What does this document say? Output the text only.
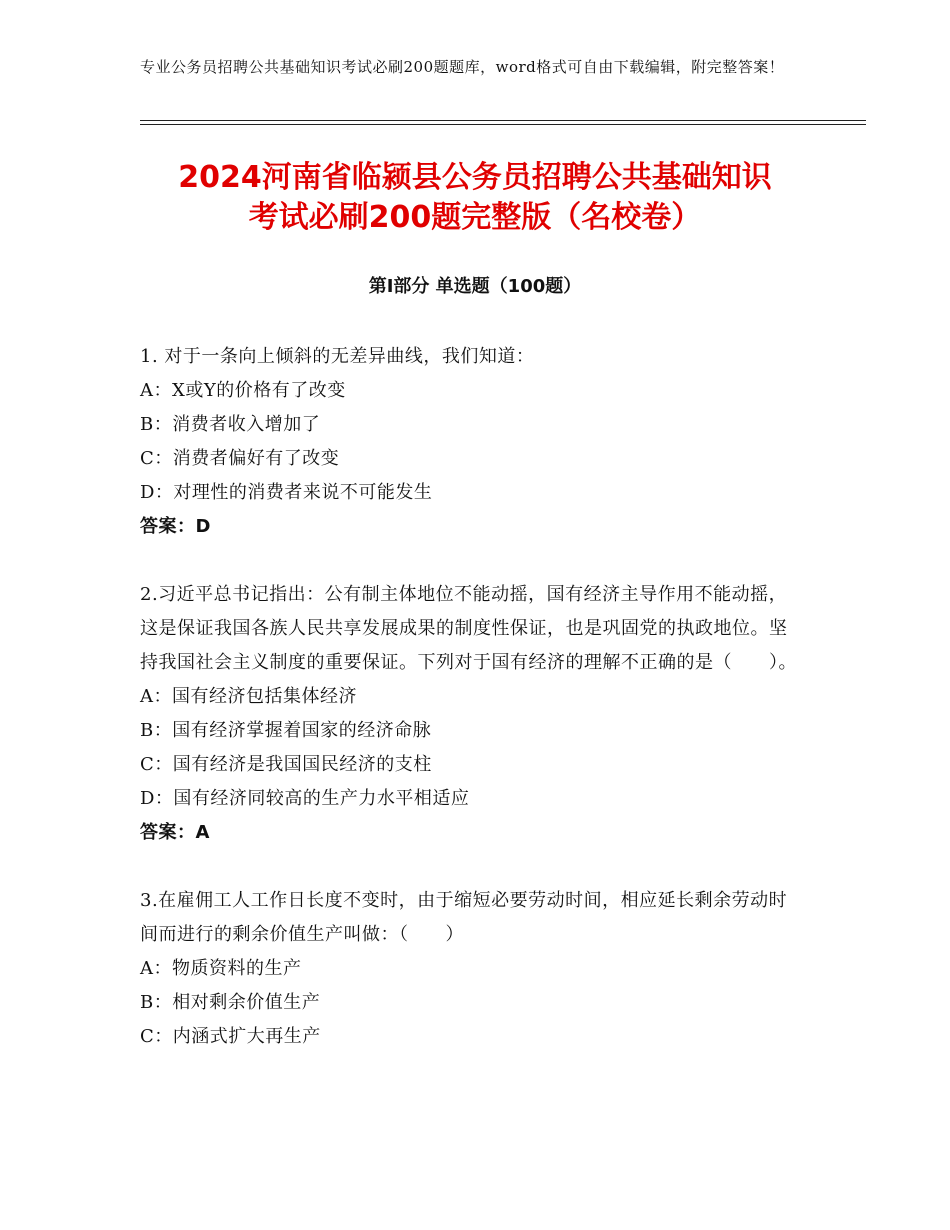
专业公务员招聘公共基础知识考试必刷200题题库，word格式可自由下载编辑，附完整答案！
2024河南省临颍县公务员招聘公共基础知识
考试必刷200题完整版（名校卷）
第Ⅰ部分 单选题（100题）
1. 对于一条向上倾斜的无差异曲线，我们知道：
A：X或Y的价格有了改变
B：消费者收入增加了
C：消费者偏好有了改变
D：对理性的消费者来说不可能发生
答案：D
2.习近平总书记指出：公有制主体地位不能动摇，国有经济主导作用不能动摇，这是保证我国各族人民共享发展成果的制度性保证，也是巩固党的执政地位。坚持我国社会主义制度的重要保证。下列对于国有经济的理解不正确的是（　　）。
A：国有经济包括集体经济
B：国有经济掌握着国家的经济命脉
C：国有经济是我国国民经济的支柱
D：国有经济同较高的生产力水平相适应
答案：A
3.在雇佣工人工作日长度不变时，由于缩短必要劳动时间，相应延长剩余劳动时间而进行的剩余价值生产叫做：（　　）
A：物质资料的生产
B：相对剩余价值生产
C：内涵式扩大再生产
